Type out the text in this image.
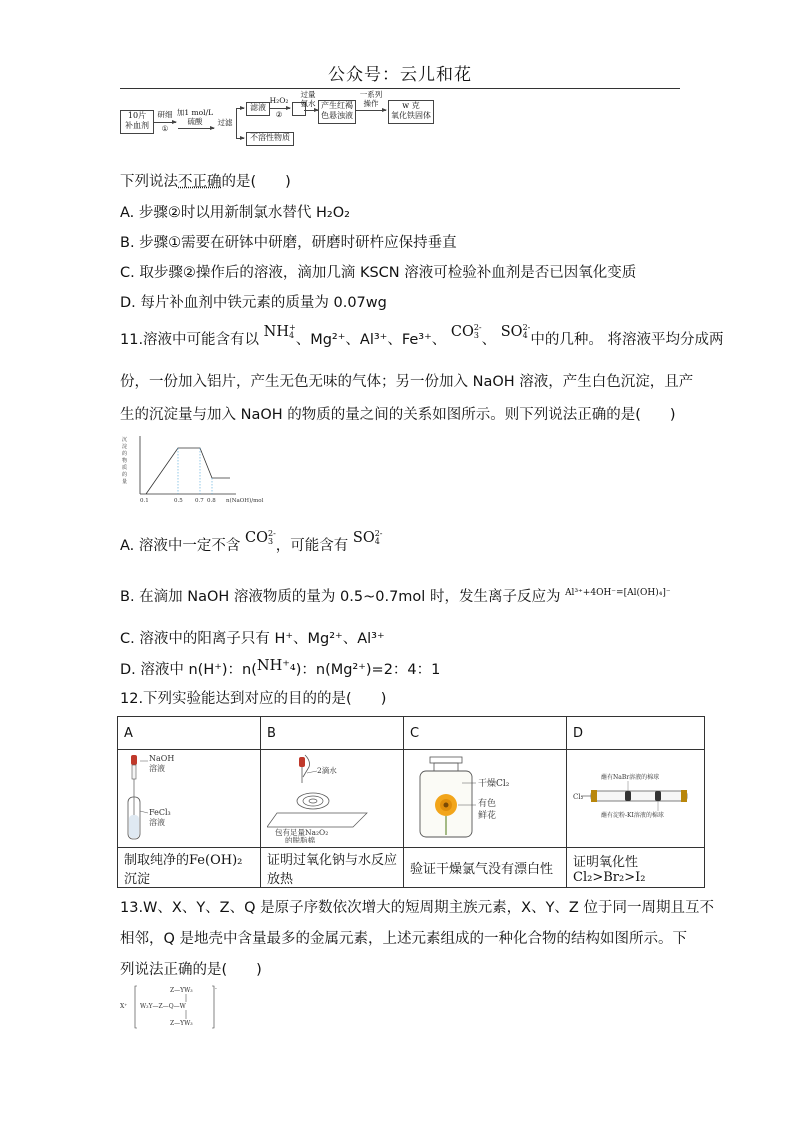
公众号：云儿和花
10片
补血剂
研细
①
加1 mol/L
硫酸	过滤
滤液
不溶性物质
H₂O₂
②
过量
氨水 产生红褐
色悬浊液
一系列
操作	w 克
氧化铁固体
下列说法不正确的是(　　)
A. 步骤②时以用新制氯水替代 H₂O₂
B. 步骤①需要在研钵中研磨，研磨时研杵应保持垂直
C. 取步骤②操作后的溶液，滴加几滴 KSCN 溶液可检验补血剂是否已因氧化变质
D. 每片补血剂中铁元素的质量为 0.07wg
11.溶液中可能含有以 NH +
4 、Mg²⁺、Al³⁺、Fe³⁺、 CO 2-
3 、 SO 2-
4 中的几种。 将溶液平均分成两
份，一份加入铝片，产生无色无味的气体；另一份加入 NaOH 溶液，产生白色沉淀，且产
生的沉淀量与加入 NaOH 的物质的量之间的关系如图所示。则下列说法正确的是(　　)
沉
淀
的
物
质
的
量
0.1	0.5 0.7 0.8 n(NaOH)/mol
A. 溶液中一定不含 CO 2-
3 ，可能含有 SO 2-
4
B. 在滴加 NaOH 溶液物质的量为 0.5~0.7mol 时，发生离子反应为 $^{Al^{3+}+4OH^-=[Al(OH)_4]^-}$
C. 溶液中的阳离子只有 H⁺、Mg²⁺、Al³⁺
D. 溶液中 n(H⁺)：n(NH⁺₄)：n(Mg²⁺)=2：4：1
12.下列实验能达到对应的目的的是(　　)
A	B	C	D

NaOH
溶液
FeCl₃
溶液	2滴水
包有足量Na₂O₂
的脱脂棉	干燥Cl₂
有色
鲜花	Cl₂
蘸有NaBr溶液的棉球
蘸有淀粉-KI溶液的棉球

制取纯净的Fe(OH)₂沉淀	证明过氧化钠与水反应放热	验证干燥氯气没有漂白性	证明氧化性Cl₂>Br₂>I₂
13.W、X、Y、Z、Q 是原子序数依次增大的短周期主族元素，X、Y、Z 位于同一周期且互不
相邻，Q 是地壳中含量最多的金属元素，上述元素组成的一种化合物的结构如图所示。下
列说法正确的是(　　)
X⁺
Z—YW₃
W₃Y—Z—Q—W
Z—YW₃
-
